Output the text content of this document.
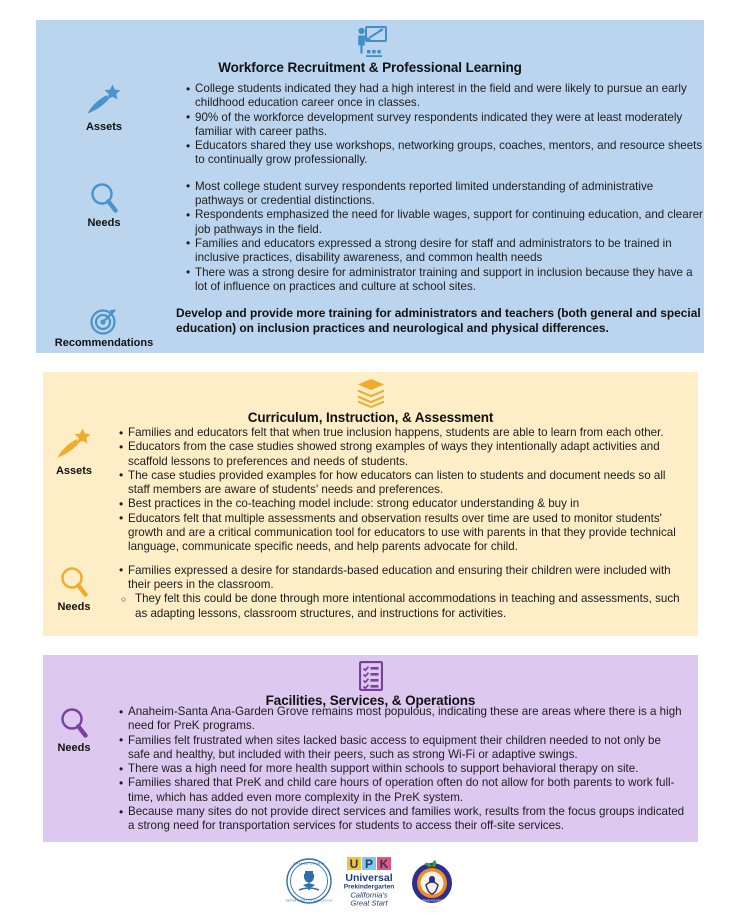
Workforce Recruitment & Professional Learning
Assets
• College students indicated they had a high interest in the field and were likely to pursue an early childhood education career once in classes.
• 90% of the workforce development survey respondents indicated they were at least moderately familiar with career paths.
• Educators shared they use workshops, networking groups, coaches, mentors, and resource sheets to continually grow professionally.
Needs
• Most college student survey respondents reported limited understanding of administrative pathways or credential distinctions.
• Respondents emphasized the need for livable wages, support for continuing education, and clearer job pathways in the field.
• Families and educators expressed a strong desire for staff and administrators to be trained in inclusive practices, disability awareness, and common health needs
• There was a strong desire for administrator training and support in inclusion because they have a lot of influence on practices and culture at school sites.
Recommendations
Develop and provide more training for administrators and teachers (both general and special education) on inclusion practices and neurological and physical differences.
Curriculum, Instruction, & Assessment
Assets
• Families and educators felt that when true inclusion happens, students are able to learn from each other.
• Educators from the case studies showed strong examples of ways they intentionally adapt activities and scaffold lessons to preferences and needs of students.
• The case studies provided examples for how educators can listen to students and document needs so all staff members are aware of students' needs and preferences.
• Best practices in the co-teaching model include: strong educator understanding & buy in
• Educators felt that multiple assessments and observation results over time are used to monitor students' growth and are a critical communication tool for educators to use with parents in that they provide technical language, communicate specific needs, and help parents advocate for child.
Needs
• Families expressed a desire for standards-based education and ensuring their children were included with their peers in the classroom.
○ They felt this could be done through more intentional accommodations in teaching and assessments, such as adapting lessons, classroom structures, and instructions for activities.
Facilities, Services, & Operations
Needs
• Anaheim-Santa Ana-Garden Grove remains most populous, indicating these are areas where there is a high need for PreK programs.
• Families felt frustrated when sites lacked basic access to equipment their children needed to not only be safe and healthy, but included with their peers, such as strong Wi-Fi or adaptive swings.
• There was a high need for more health support within schools to support behavioral therapy on site.
• Families shared that PreK and child care hours of operation often do not allow for both parents to work full-time, which has added even more complexity in the PreK system.
• Because many sites do not provide direct services and families work, results from the focus groups indicated a strong need for transportation services for students to access their off-site services.
ORANGE COUNTY
DEPARTMENT OF EDUCATION
U P K
Universal
Prekindergarten
California's
Great Start	EARLY LEARNING AND DEVELOPMENT
